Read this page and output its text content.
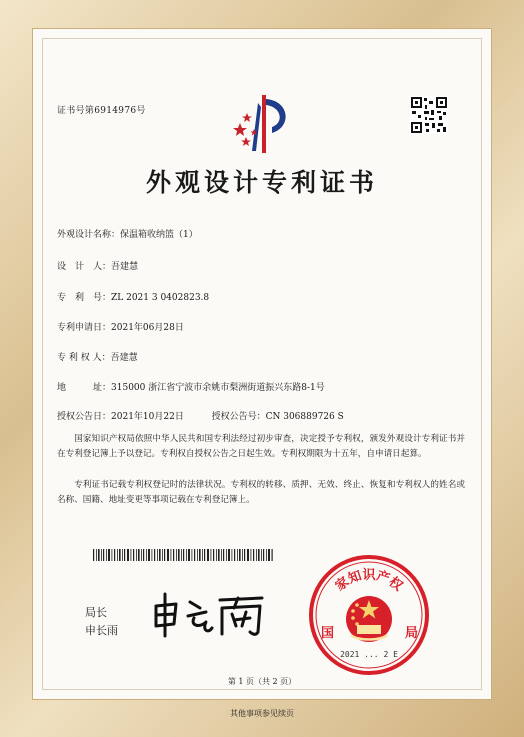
证书号第6914976号
外观设计专利证书
外观设计名称：保温箱收纳篮（1）
设　计　人：吾建慧
专　利　号：ZL 2021 3 0402823.8
专利申请日：2021年06月28日
专 利 权 人：吾建慧
地　　　址：315000 浙江省宁波市余姚市梨洲街道振兴东路8-1号
授权公告日：2021年10月22日	授权公告号：CN 306889726 S
国家知识产权局依照中华人民共和国专利法经过初步审查，决定授予专利权，颁发外观设计专利证书并在专利登记簿上予以登记。专利权自授权公告之日起生效。专利权期限为十五年，自申请日起算。
专利证书记载专利权登记时的法律状况。专利权的转移、质押、无效、终止、恢复和专利权人的姓名或名称、国籍、地址变更等事项记载在专利登记簿上。
局长
申长雨
家知识产权
国	局
2021 ... 2 E
第 1 页（共 2 页）
其他事项参见续页
